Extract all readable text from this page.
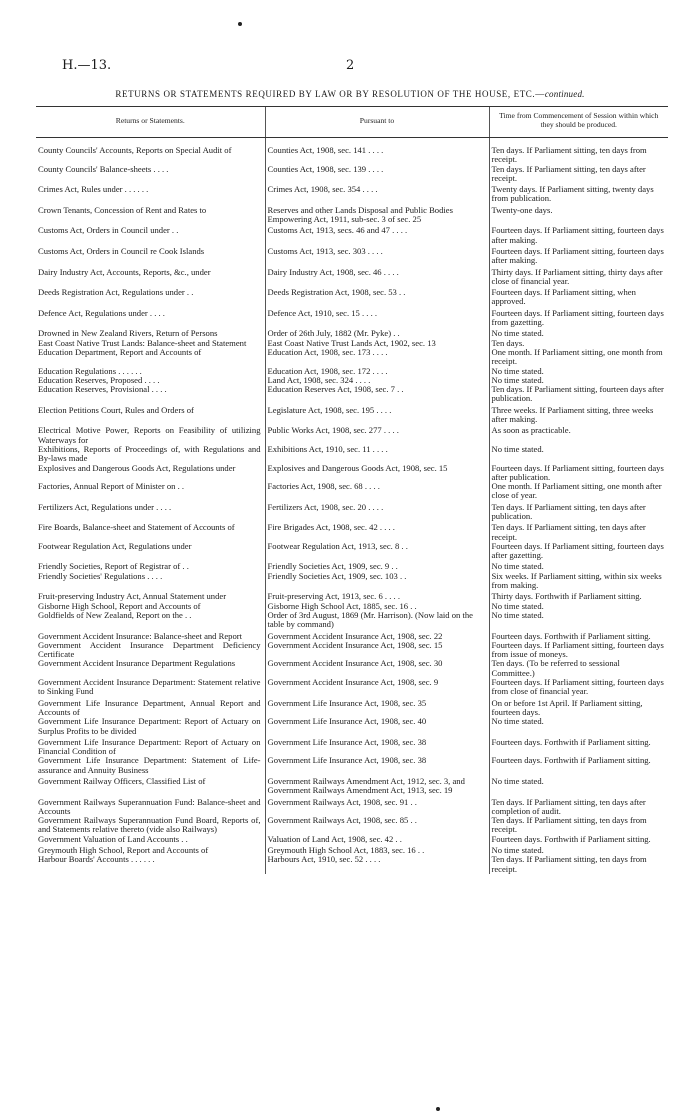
H.—13.	2
RETURNS OR STATEMENTS REQUIRED BY LAW OR BY RESOLUTION OF THE HOUSE, ETC.—continued.
Returns or Statements.	Pursuant to	Time from Commencement of Session within which they should be produced.
County Councils' Accounts, Reports on Special Audit of	Counties Act, 1908, sec. 141 . . . .	Ten days. If Parliament sitting, ten days from receipt.
County Councils' Balance-sheets . . . .	Counties Act, 1908, sec. 139 . . . .	Ten days. If Parliament sitting, ten days after receipt.

Crimes Act, Rules under . . . . . .	Crimes Act, 1908, sec. 354 . . . .	Twenty days. If Parliament sitting, twenty days from publication.

Crown Tenants, Concession of Rent and Rates to	Reserves and other Lands Disposal and Public Bodies Empowering Act, 1911, sub-sec. 3 of sec. 25	Twenty-one days.

Customs Act, Orders in Council under . .	Customs Act, 1913, secs. 46 and 47 . . . .	Fourteen days. If Parliament sitting, fourteen days after making.

Customs Act, Orders in Council re Cook Islands	Customs Act, 1913, sec. 303 . . . .	Fourteen days. If Parliament sitting, fourteen days after making.

Dairy Industry Act, Accounts, Reports, &c., under	Dairy Industry Act, 1908, sec. 46 . . . .	Thirty days. If Parliament sitting, thirty days after close of financial year.

Deeds Registration Act, Regulations under . .	Deeds Registration Act, 1908, sec. 53 . .	Fourteen days. If Parliament sitting, when approved.

Defence Act, Regulations under . . . .	Defence Act, 1910, sec. 15 . . . .	Fourteen days. If Parliament sitting, fourteen days from gazetting.

Drowned in New Zealand Rivers, Return of Persons	Order of 26th July, 1882 (Mr. Pyke) . .	No time stated.
East Coast Native Trust Lands: Balance-sheet and Statement	East Coast Native Trust Lands Act, 1902, sec. 13	Ten days.
Education Department, Report and Accounts of	Education Act, 1908, sec. 173 . . . .	One month. If Parliament sitting, one month from receipt.
Education Regulations . . . . . .	Education Act, 1908, sec. 172 . . . .	No time stated.
Education Reserves, Proposed . . . .	Land Act, 1908, sec. 324 . . . .	No time stated.
Education Reserves, Provisional . . . .	Education Reserves Act, 1908, sec. 7 . .	Ten days. If Parliament sitting, fourteen days after publication.

Election Petitions Court, Rules and Orders of	Legislature Act, 1908, sec. 195 . . . .	Three weeks. If Parliament sitting, three weeks after making.

Electrical Motive Power, Reports on Feasibility of utilizing Waterways for	Public Works Act, 1908, sec. 277 . . . .	As soon as practicable.
Exhibitions, Reports of Proceedings of, with Regulations and By-laws made	Exhibitions Act, 1910, sec. 11 . . . .	No time stated.
Explosives and Dangerous Goods Act, Regulations under	Explosives and Dangerous Goods Act, 1908, sec. 15	Fourteen days. If Parliament sitting, fourteen days after publication.
Factories, Annual Report of Minister on . .	Factories Act, 1908, sec. 68 . . . .	One month. If Parliament sitting, one month after close of year.

Fertilizers Act, Regulations under . . . .	Fertilizers Act, 1908, sec. 20 . . . .	Ten days. If Parliament sitting, ten days after publication.

Fire Boards, Balance-sheet and Statement of Accounts of	Fire Brigades Act, 1908, sec. 42 . . . .	Ten days. If Parliament sitting, ten days after receipt.
Footwear Regulation Act, Regulations under	Footwear Regulation Act, 1913, sec. 8 . .	Fourteen days. If Parliament sitting, fourteen days after gazetting.

Friendly Societies, Report of Registrar of . .	Friendly Societies Act, 1909, sec. 9 . .	No time stated.
Friendly Societies' Regulations . . . .	Friendly Societies Act, 1909, sec. 103 . .	Six weeks. If Parliament sitting, within six weeks from making.

Fruit-preserving Industry Act, Annual Statement under	Fruit-preserving Act, 1913, sec. 6 . . . .	Thirty days. Forthwith if Parliament sitting.
Gisborne High School, Report and Accounts of	Gisborne High School Act, 1885, sec. 16 . .	No time stated.
Goldfields of New Zealand, Report on the . .	Order of 3rd August, 1869 (Mr. Harrison). (Now laid on the table by command)	No time stated.

Government Accident Insurance: Balance-sheet and Report	Government Accident Insurance Act, 1908, sec. 22	Fourteen days. Forthwith if Parliament sitting.
Government Accident Insurance Department Deficiency Certificate	Government Accident Insurance Act, 1908, sec. 15	Fourteen days. If Parliament sitting, fourteen days from issue of moneys.
Government Accident Insurance Department Regulations	Government Accident Insurance Act, 1908, sec. 30	Ten days. (To be referred to sessional Committee.)
Government Accident Insurance Department: Statement relative to Sinking Fund	Government Accident Insurance Act, 1908, sec. 9	Fourteen days. If Parliament sitting, fourteen days from close of financial year.

Government Life Insurance Department, Annual Report and Accounts of	Government Life Insurance Act, 1908, sec. 35	On or before 1st April. If Parliament sitting, fourteen days.
Government Life Insurance Department: Report of Actuary on Surplus Profits to be divided	Government Life Insurance Act, 1908, sec. 40	No time stated.

Government Life Insurance Department: Report of Actuary on Financial Condition of	Government Life Insurance Act, 1908, sec. 38	Fourteen days. Forthwith if Parliament sitting.
Government Life Insurance Department: Statement of Life-assurance and Annuity Business	Government Life Insurance Act, 1908, sec. 38	Fourteen days. Forthwith if Parliament sitting.

Government Railway Officers, Classified List of	Government Railways Amendment Act, 1912, sec. 3, and Government Railways Amendment Act, 1913, sec. 19	No time stated.

Government Railways Superannuation Fund: Balance-sheet and Accounts	Government Railways Act, 1908, sec. 91 . .	Ten days. If Parliament sitting, ten days after completion of audit.
Government Railways Superannuation Fund Board, Reports of, and Statements relative thereto (vide also Railways)	Government Railways Act, 1908, sec. 85 . .	Ten days. If Parliament sitting, ten days from receipt.
Government Valuation of Land Accounts . .	Valuation of Land Act, 1908, sec. 42 . .	Fourteen days. Forthwith if Parliament sitting.

Greymouth High School, Report and Accounts of	Greymouth High School Act, 1883, sec. 16 . .	No time stated.
Harbour Boards' Accounts . . . . . .	Harbours Act, 1910, sec. 52 . . . .	Ten days. If Parliament sitting, ten days from receipt.
